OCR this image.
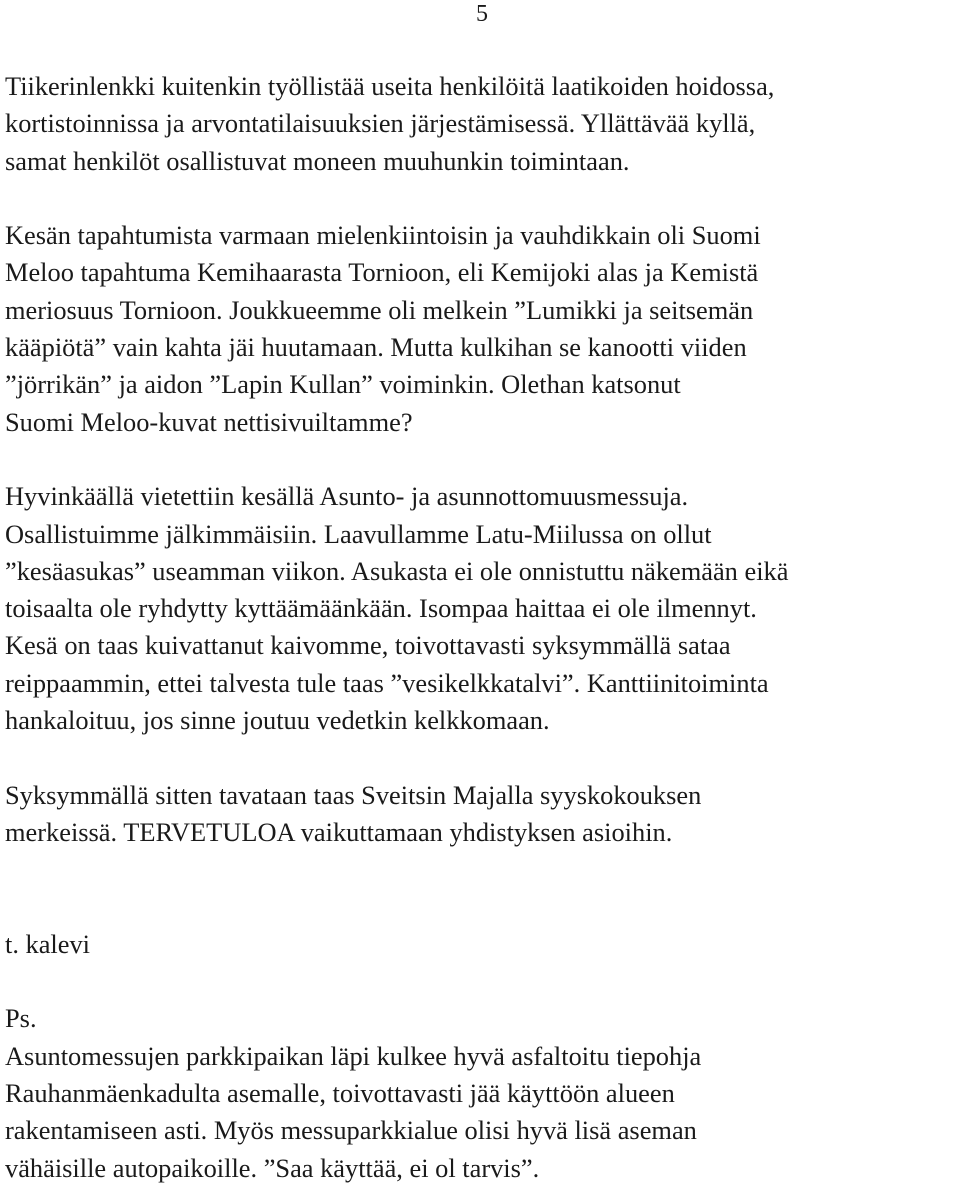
5
Tiikerinlenkki kuitenkin työllistää useita henkilöitä laatikoiden hoidossa,
kortistoinnissa ja arvontatilaisuuksien järjestämisessä. Yllättävää kyllä,
samat henkilöt osallistuvat moneen muuhunkin toimintaan.
Kesän tapahtumista varmaan mielenkiintoisin ja vauhdikkain oli Suomi
Meloo tapahtuma Kemihaarasta Tornioon, eli Kemijoki alas ja Kemistä
meriosuus Tornioon. Joukkueemme oli melkein ”Lumikki ja seitsemän
kääpiötä” vain kahta jäi huutamaan. Mutta kulkihan se kanootti viiden
”jörrikän” ja aidon ”Lapin Kullan” voiminkin. Olethan katsonut
Suomi Meloo-kuvat nettisivuiltamme?
Hyvinkäällä vietettiin kesällä Asunto- ja asunnottomuusmessuja.
Osallistuimme jälkimmäisiin. Laavullamme Latu-Miilussa on ollut
”kesäasukas” useamman viikon. Asukasta ei ole onnistuttu näkemään eikä
toisaalta ole ryhdytty kyttäämäänkään. Isompaa haittaa ei ole ilmennyt.
Kesä on taas kuivattanut kaivomme, toivottavasti syksymmällä sataa
reippaammin, ettei talvesta tule taas ”vesikelkkatalvi”. Kanttiinitoiminta
hankaloituu, jos sinne joutuu vedetkin kelkkomaan.
Syksymmällä sitten tavataan taas Sveitsin Majalla syyskokouksen
merkeissä. TERVETULOA vaikuttamaan yhdistyksen asioihin.
t. kalevi
Ps.
Asuntomessujen parkkipaikan läpi kulkee hyvä asfaltoitu tiepohja
Rauhanmäenkadulta asemalle, toivottavasti jää käyttöön alueen
rakentamiseen asti. Myös messuparkkialue olisi hyvä lisä aseman
vähäisille autopaikoille. ”Saa käyttää, ei ol tarvis”.
